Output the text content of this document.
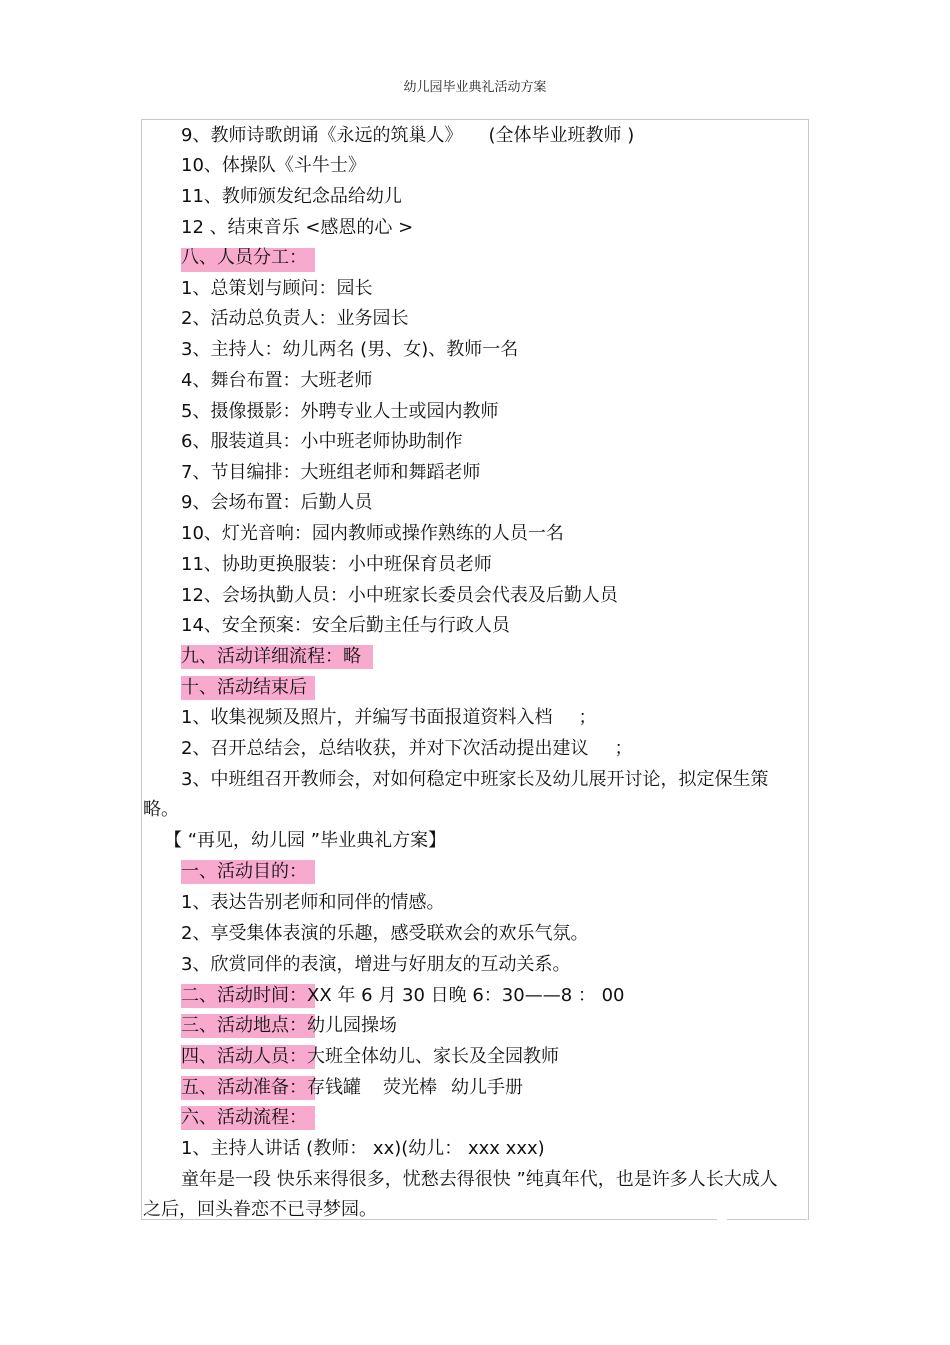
幼儿园毕业典礼活动方案
9、教师诗歌朗诵《永远的筑巢人》 (全体毕业班教师 )
10、体操队《斗牛士》
11、教师颁发纪念品给幼儿
12 、结束音乐 <感恩的心 >
八、人员分工：
1、总策划与顾问：园长
2、活动总负责人：业务园长
3、主持人：幼儿两名 (男、女)、教师一名
4、舞台布置：大班老师
5、摄像摄影：外聘专业人士或园内教师
6、服装道具：小中班老师协助制作
7、节目编排：大班组老师和舞蹈老师
9、会场布置：后勤人员
10、灯光音响：园内教师或操作熟练的人员一名
11、协助更换服装：小中班保育员老师
12、会场执勤人员：小中班家长委员会代表及后勤人员
14、安全预案：安全后勤主任与行政人员
九、活动详细流程：略
十、活动结束后
1、收集视频及照片，并编写书面报道资料入档 ；
2、召开总结会，总结收获，并对下次活动提出建议 ；
3、中班组召开教师会，对如何稳定中班家长及幼儿展开讨论，拟定保生策
略。
【 “再见，幼儿园 ”毕业典礼方案】
一、活动目的：
1、表达告别老师和同伴的情感。
2、享受集体表演的乐趣，感受联欢会的欢乐气氛。
3、欣赏同伴的表演，增进与好朋友的互动关系。
二、活动时间：XX 年 6 月 30 日晚 6：30——8 ： 00
三、活动地点：幼儿园操场
四、活动人员：大班全体幼儿、家长及全园教师
五、活动准备：存钱罐 荧光棒 幼儿手册
六、活动流程：
1、主持人讲话 (教师： xx)(幼儿： xxx xxx)
童年是一段 快乐来得很多，忧愁去得很快 ”纯真年代，也是许多人长大成人
之后，回头眷恋不已寻梦园。
